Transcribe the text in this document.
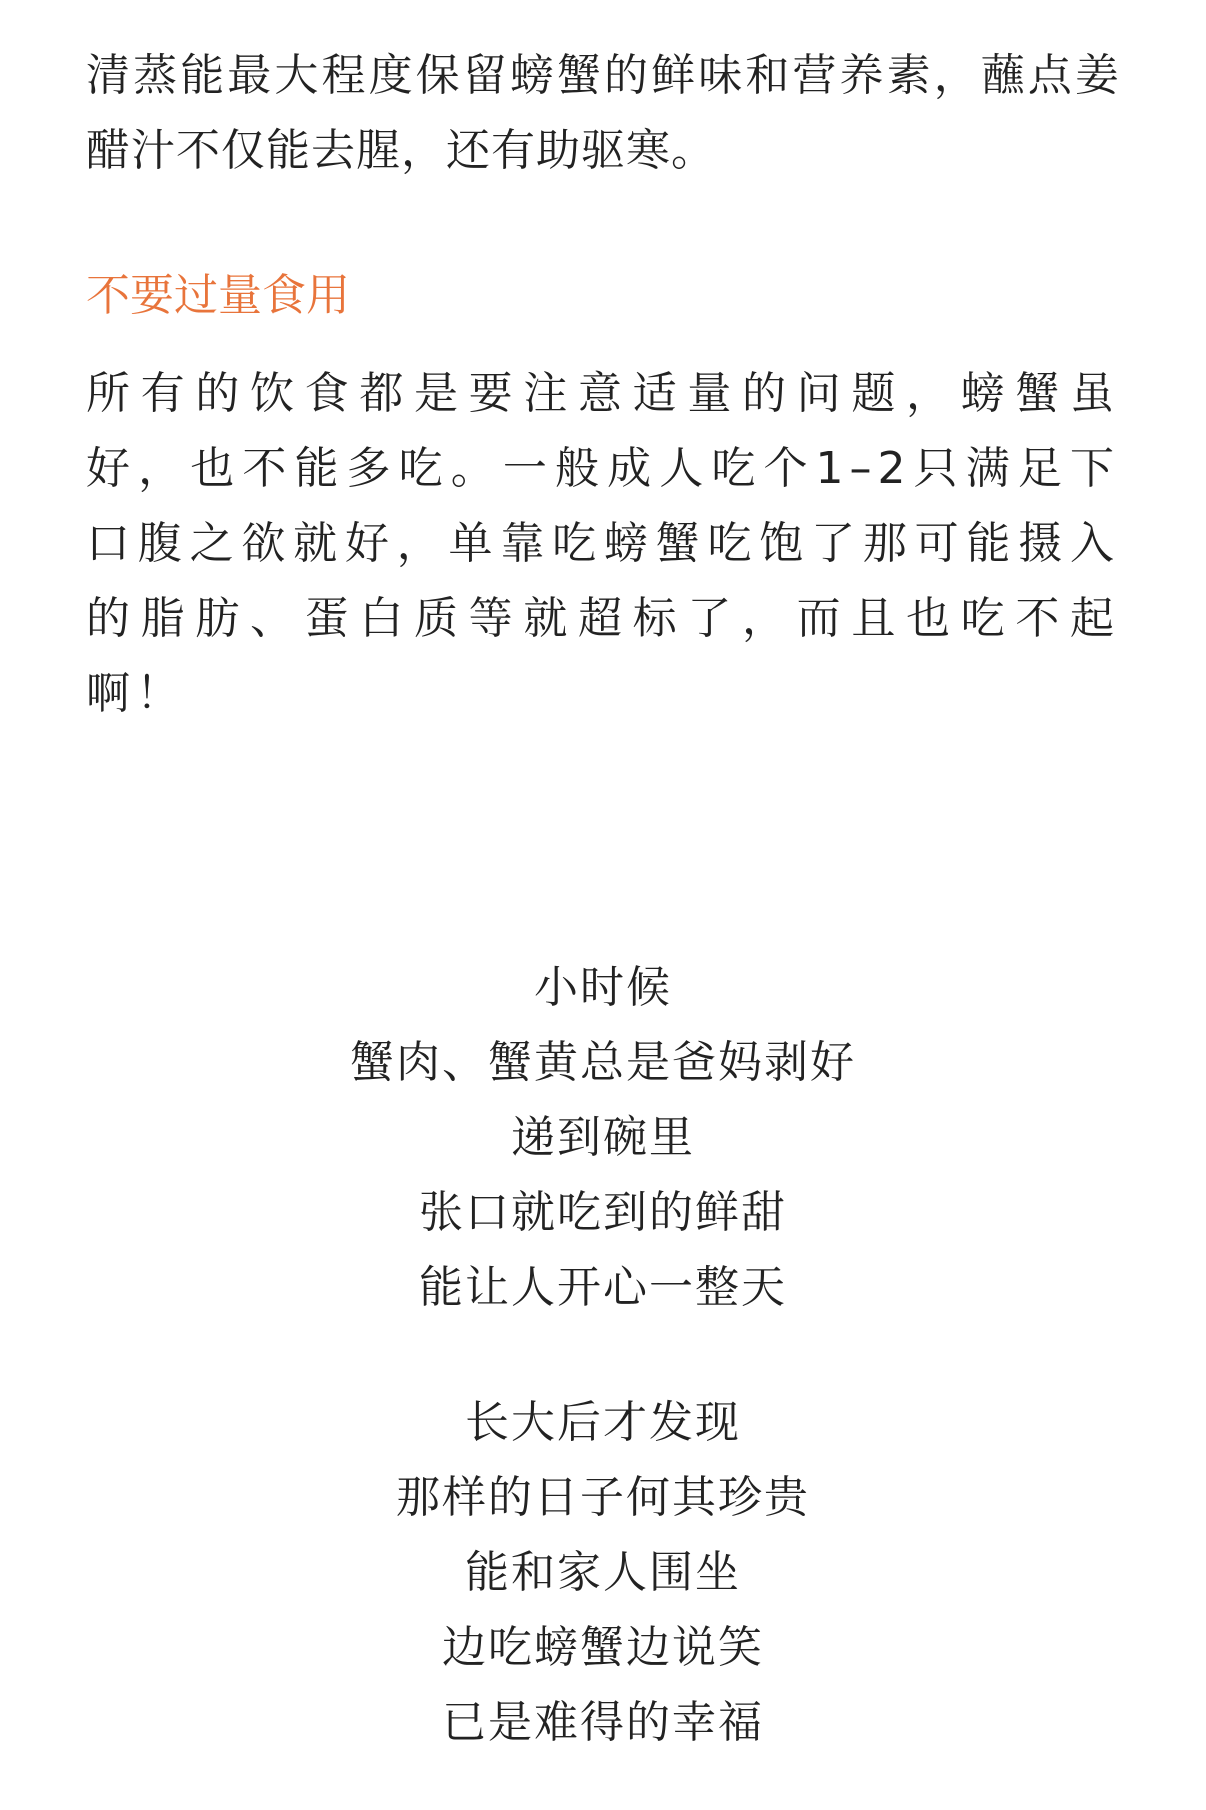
清蒸能最大程度保留螃蟹的鲜味和营养素，蘸点姜醋汁不仅能去腥，还有助驱寒。

不要过量食用

所有的饮食都是要注意适量的问题，螃蟹虽好，也不能多吃。一般成人吃个1–2只满足下口腹之欲就好，单靠吃螃蟹吃饱了那可能摄入的脂肪、蛋白质等就超标了，而且也吃不起啊！

小时候
蟹肉、蟹黄总是爸妈剥好
递到碗里
张口就吃到的鲜甜
能让人开心一整天
长大后才发现
那样的日子何其珍贵
能和家人围坐
边吃螃蟹边说笑
已是难得的幸福
